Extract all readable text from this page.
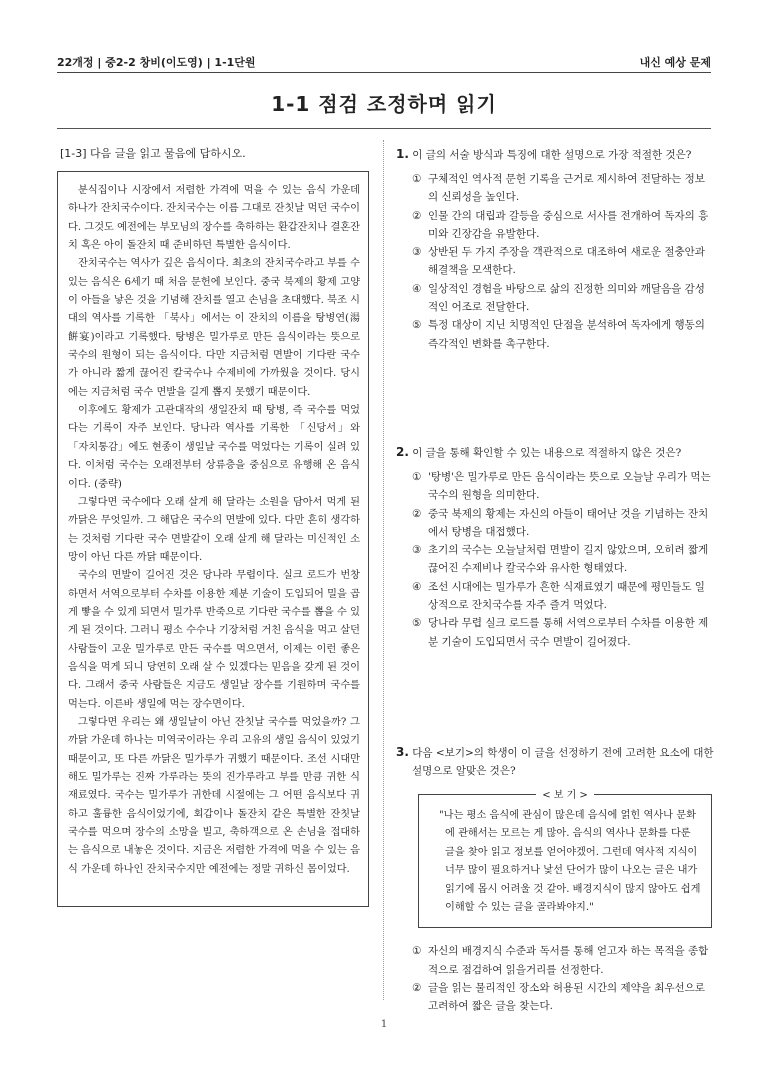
22개정 | 중2-2 창비(이도영) | 1-1단원	내신 예상 문제
1-1 점검 조정하며 읽기
[1-3] 다음 글을 읽고 물음에 답하시오.

분식집이나 시장에서 저렴한 가격에 먹을 수 있는 음식 가운데 하나가 잔치국수이다. 잔치국수는 이름 그대로 잔칫날 먹던 국수이다. 그것도 예전에는 부모님의 장수를 축하하는 환갑잔치나 결혼잔치 혹은 아이 돌잔치 때 준비하던 특별한 음식이다.

잔치국수는 역사가 깊은 음식이다. 최초의 잔치국수라고 부를 수 있는 음식은 6세기 때 처음 문헌에 보인다. 중국 북제의 황제 고양이 아들을 낳은 것을 기념해 잔치를 열고 손님을 초대했다. 북조 시대의 역사를 기록한 「북사」에서는 이 잔치의 이름을 탕병연(湯餠宴)이라고 기록했다. 탕병은 밀가루로 만든 음식이라는 뜻으로 국수의 원형이 되는 음식이다. 다만 지금처럼 면발이 기다란 국수가 아니라 짧게 끊어진 칼국수나 수제비에 가까웠을 것이다. 당시에는 지금처럼 국수 면발을 길게 뽑지 못했기 때문이다.

이후에도 황제가 고관대작의 생일잔치 때 탕병, 즉 국수를 먹었다는 기록이 자주 보인다. 당나라 역사를 기록한 「신당서」와 「자치통감」에도 현종이 생일날 국수를 먹었다는 기록이 실려 있다. 이처럼 국수는 오래전부터 상류층을 중심으로 유행해 온 음식이다. (중략)

그렇다면 국수에다 오래 살게 해 달라는 소원을 담아서 먹게 된 까닭은 무엇일까. 그 해답은 국수의 면발에 있다. 다만 흔히 생각하는 것처럼 기다란 국수 면발같이 오래 살게 해 달라는 미신적인 소망이 아닌 다른 까닭 때문이다.

국수의 면발이 길어진 것은 당나라 무렵이다. 실크 로드가 번창하면서 서역으로부터 수차를 이용한 제분 기술이 도입되어 밀을 곱게 빻을 수 있게 되면서 밀가루 반죽으로 기다란 국수를 뽑을 수 있게 된 것이다. 그러니 평소 수수나 기장처럼 거친 음식을 먹고 살던 사람들이 고운 밀가루로 만든 국수를 먹으면서, 이제는 이런 좋은 음식을 먹게 되니 당연히 오래 살 수 있겠다는 믿음을 갖게 된 것이다. 그래서 중국 사람들은 지금도 생일날 장수를 기원하며 국수를 먹는다. 이른바 생일에 먹는 장수면이다.

그렇다면 우리는 왜 생일날이 아닌 잔칫날 국수를 먹었을까? 그 까닭 가운데 하나는 미역국이라는 우리 고유의 생일 음식이 있었기 때문이고, 또 다른 까닭은 밀가루가 귀했기 때문이다. 조선 시대만 해도 밀가루는 진짜 가루라는 뜻의 진가루라고 부를 만큼 귀한 식재료였다. 국수는 밀가루가 귀한데 시절에는 그 어떤 음식보다 귀하고 훌륭한 음식이었기에, 회갑이나 돌잔치 같은 특별한 잔칫날 국수를 먹으며 장수의 소망을 빌고, 축하객으로 온 손님을 접대하는 음식으로 내놓은 것이다. 지금은 저렴한 가격에 먹을 수 있는 음식 가운데 하나인 잔치국수지만 예전에는 정말 귀하신 몸이었다.

1. 이 글의 서술 방식과 특징에 대한 설명으로 가장 적절한 것은?
① 구체적인 역사적 문헌 기록을 근거로 제시하여 전달하는 정보의 신뢰성을 높인다.
② 인물 간의 대립과 갈등을 중심으로 서사를 전개하여 독자의 흥미와 긴장감을 유발한다.
③ 상반된 두 가지 주장을 객관적으로 대조하여 새로운 절충안과 해결책을 모색한다.
④ 일상적인 경험을 바탕으로 삶의 진정한 의미와 깨달음을 감성적인 어조로 전달한다.
⑤ 특정 대상이 지닌 치명적인 단점을 분석하여 독자에게 행동의 즉각적인 변화를 촉구한다.
2. 이 글을 통해 확인할 수 있는 내용으로 적절하지 않은 것은?
① '탕병'은 밀가루로 만든 음식이라는 뜻으로 오늘날 우리가 먹는 국수의 원형을 의미한다.
② 중국 북제의 황제는 자신의 아들이 태어난 것을 기념하는 잔치에서 탕병을 대접했다.
③ 초기의 국수는 오늘날처럼 면발이 길지 않았으며, 오히려 짧게 끊어진 수제비나 칼국수와 유사한 형태였다.
④ 조선 시대에는 밀가루가 흔한 식재료였기 때문에 평민들도 일상적으로 잔치국수를 자주 즐겨 먹었다.
⑤ 당나라 무렵 실크 로드를 통해 서역으로부터 수차를 이용한 제분 기술이 도입되면서 국수 면발이 길어졌다.
3. 다음 <보기>의 학생이 이 글을 선정하기 전에 고려한 요소에 대한 설명으로 알맞은 것은?
< 보 기 >

"나는 평소 음식에 관심이 많은데 음식에 얽힌 역사나 문화에 관해서는 모르는 게 많아. 음식의 역사나 문화를 다룬 글을 찾아 읽고 정보를 얻어야겠어. 그런데 역사적 지식이 너무 많이 필요하거나 낯선 단어가 많이 나오는 글은 내가 읽기에 몹시 어려울 것 같아. 배경지식이 많지 않아도 쉽게 이해할 수 있는 글을 골라봐야지."

① 자신의 배경지식 수준과 독서를 통해 얻고자 하는 목적을 종합적으로 점검하여 읽을거리를 선정한다.
② 글을 읽는 물리적인 장소와 허용된 시간의 제약을 최우선으로 고려하여 짧은 글을 찾는다.
1
